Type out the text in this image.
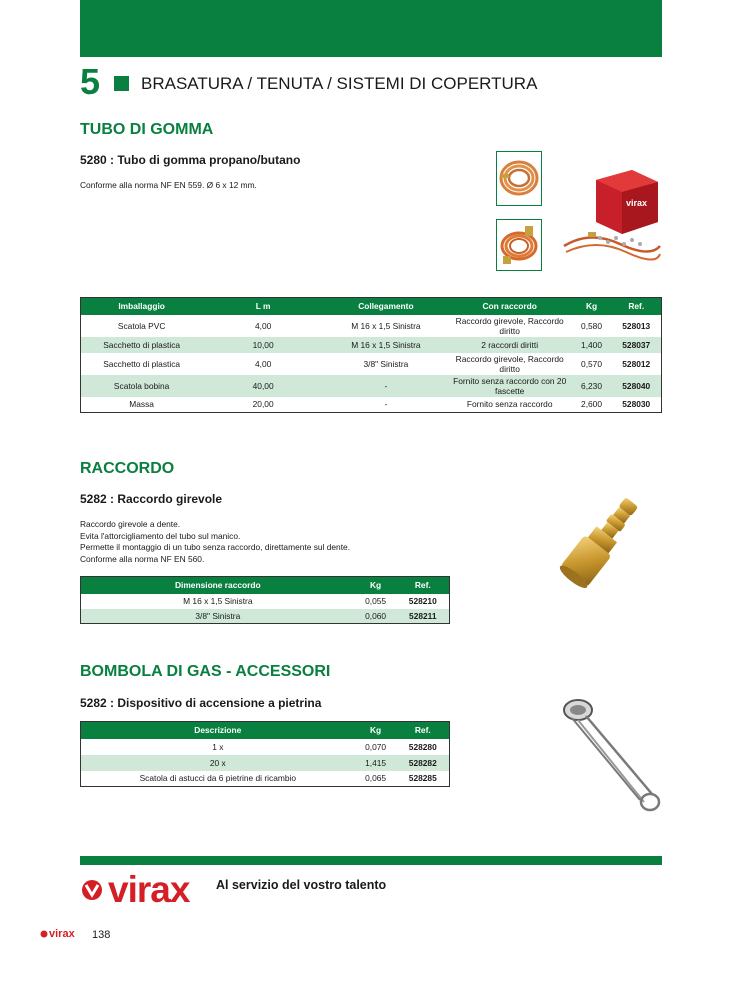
5	BRASATURA / TENUTA / SISTEMI DI COPERTURA
TUBO DI GOMMA
5280 : Tubo di gomma propano/butano
Conforme alla norma NF EN 559. Ø 6 x 12 mm.
virax
Imballaggio	L m	Collegamento	Con raccordo	Kg	Ref.
Scatola PVC	4,00	M 16 x 1,5 Sinistra	Raccordo girevole, Raccordo diritto	0,580	528013
Sacchetto di plastica	10,00	M 16 x 1,5 Sinistra	2 raccordi diritti	1,400	528037
Sacchetto di plastica	4,00	3/8" Sinistra	Raccordo girevole, Raccordo diritto	0,570	528012
Scatola bobina	40,00	-	Fornito senza raccordo con 20 fascette	6,230	528040
Massa	20,00	-	Fornito senza raccordo	2,600	528030
RACCORDO
5282 : Raccordo girevole
Raccordo girevole a dente.
Evita l'attorcigliamento del tubo sul manico.
Permette il montaggio di un tubo senza raccordo, direttamente sul dente.
Conforme alla norma NF EN 560.
Dimensione raccordo	Kg	Ref.
M 16 x 1,5 Sinistra	0,055	528210
3/8" Sinistra	0,060	528211
BOMBOLA DI GAS - ACCESSORI
5282 : Dispositivo di accensione a pietrina
Descrizione	Kg	Ref.
1 x	0,070	528280
20 x	1,415	528282
Scatola di astucci da 6 pietrine di ricambio	0,065	528285
virax Al servizio del vostro talento
virax 138
